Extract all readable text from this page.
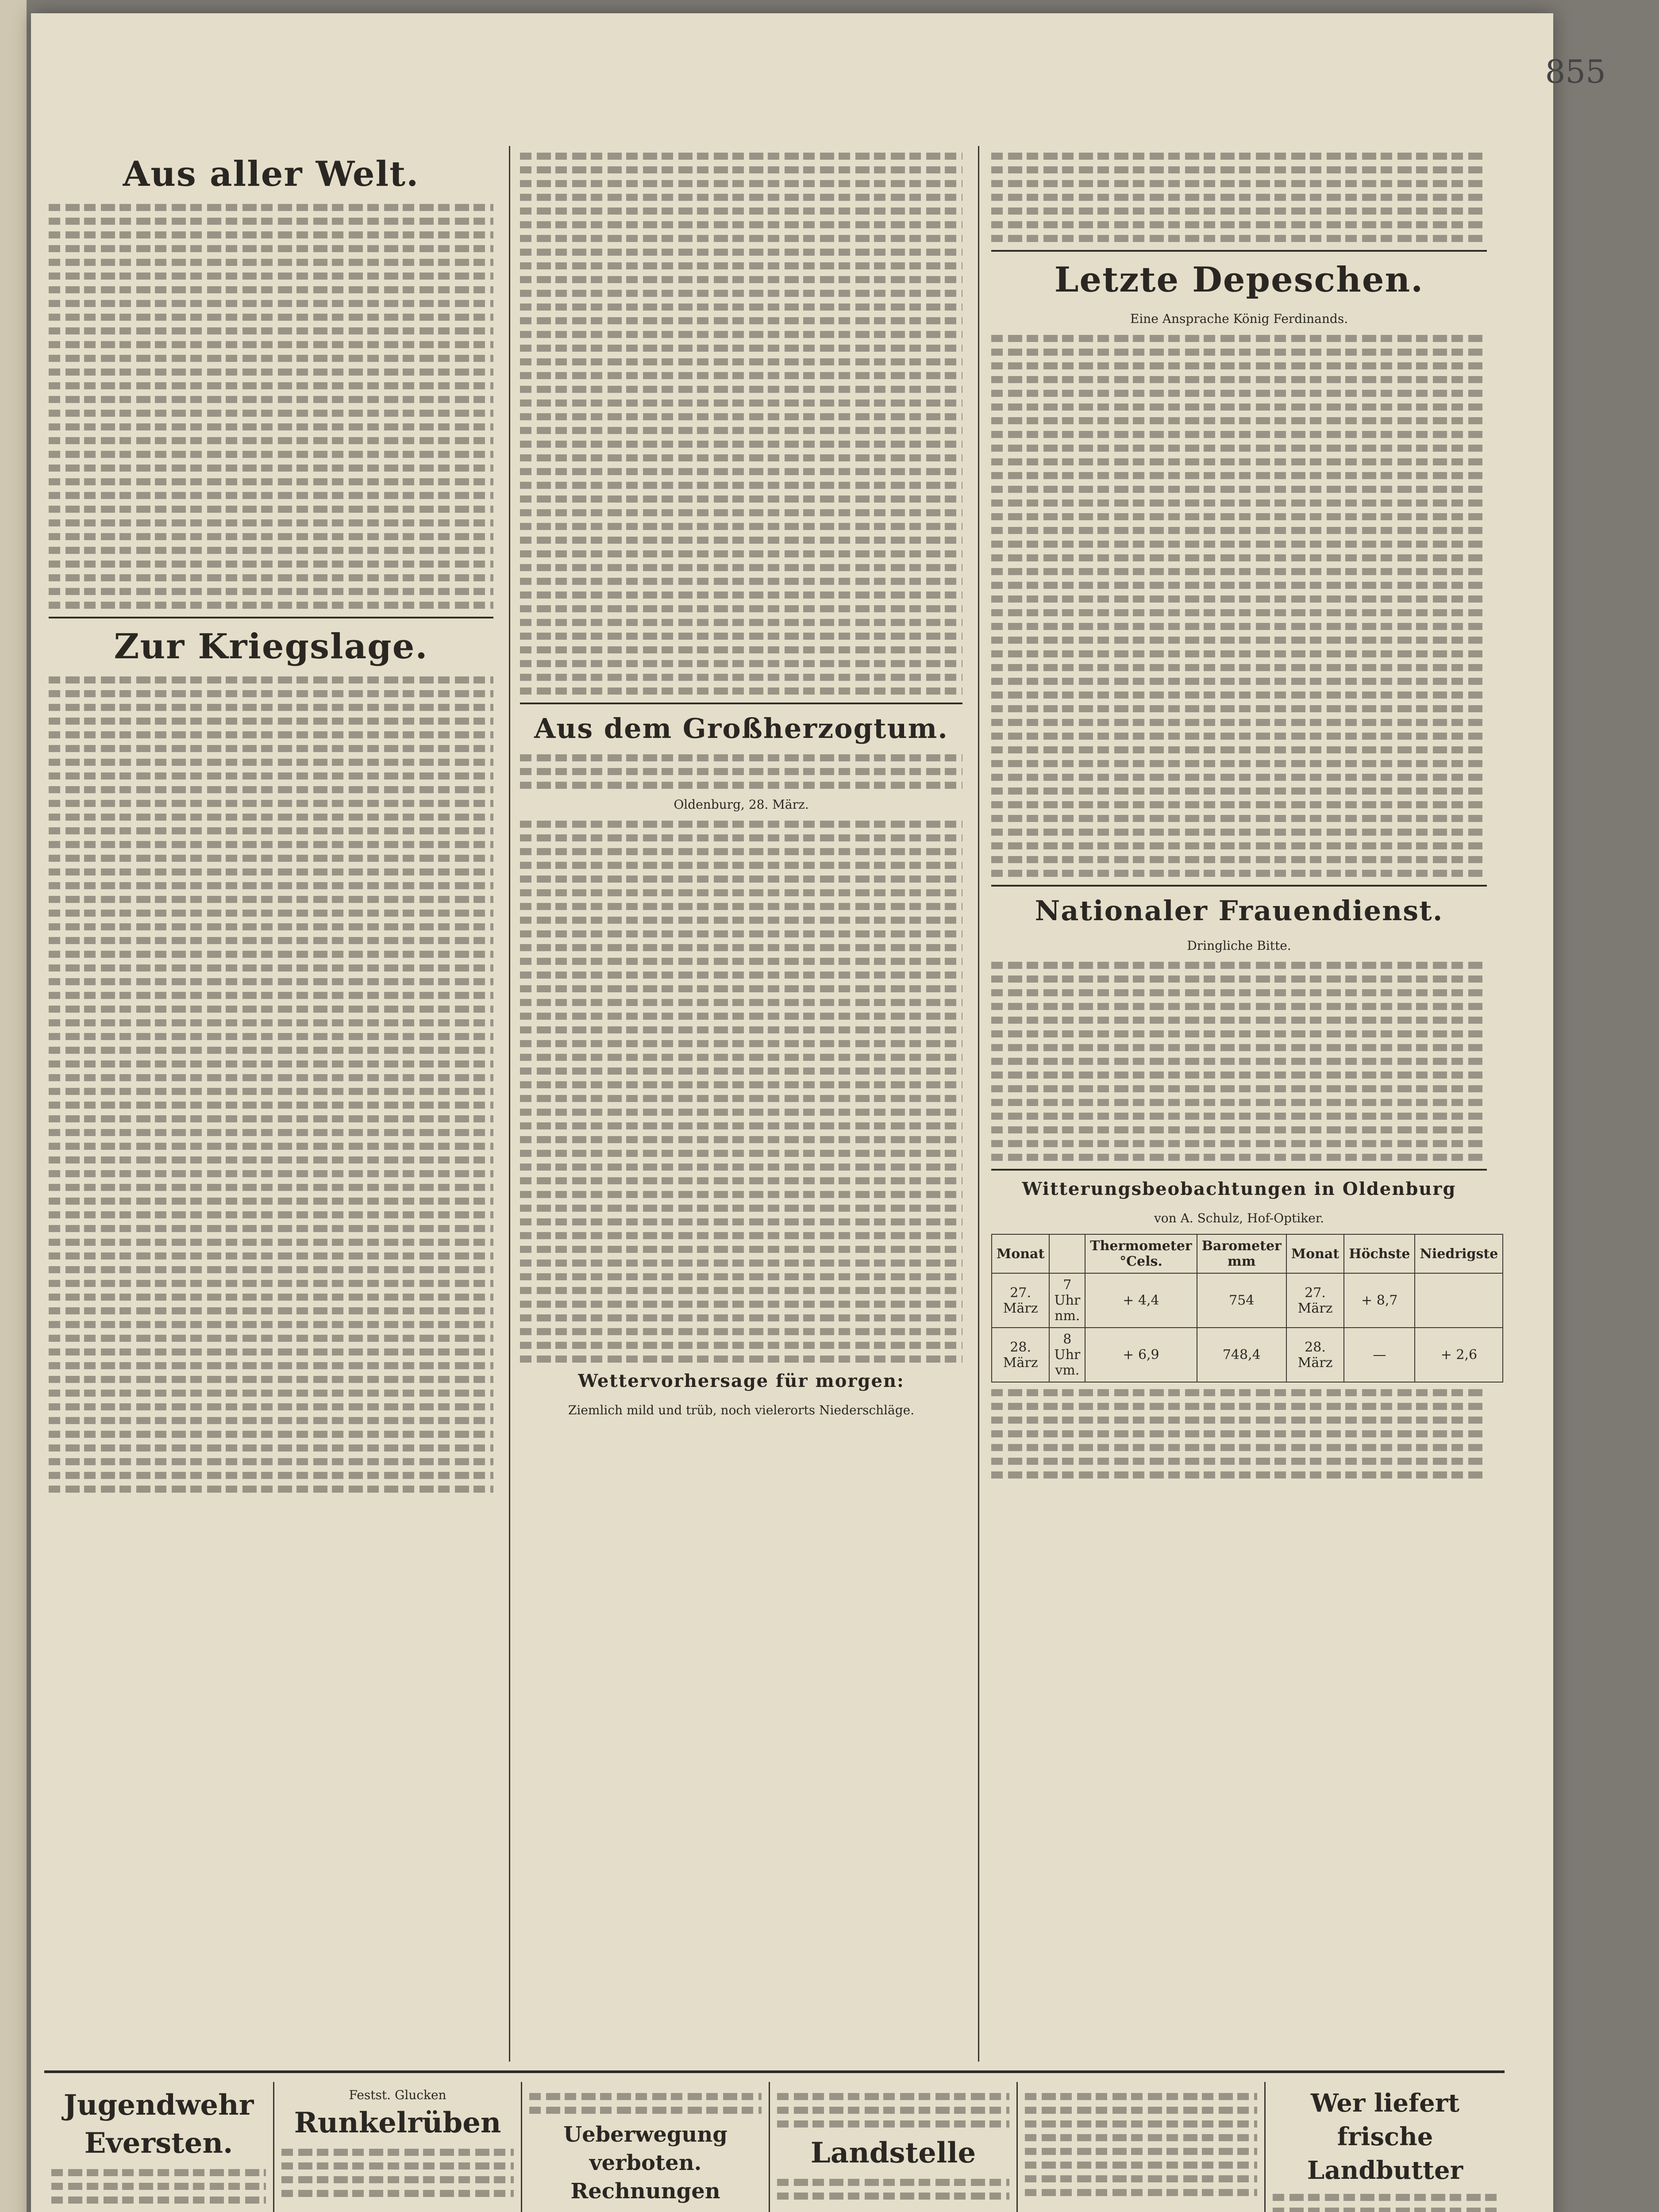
855
Aus aller Welt.
Zur Kriegslage.
Aus dem Großherzogtum.
Oldenburg, 28. März.
Wettervorhersage für morgen:
Ziemlich mild und trüb, noch vielerorts Niederschläge.
Letzte Depeschen.
Eine Ansprache König Ferdinands.
Nationaler Frauendienst.
Dringliche Bitte.
Witterungsbeobachtungen in Oldenburg
von A. Schulz, Hof-Optiker.
Monat		Thermometer °Cels.	Barometer mm	Monat	Höchste	Niedrigste
27. März	7 Uhr nm.	+ 4,4	754	27. März	+ 8,7	
28. März	8 Uhr vm.	+ 6,9	748,4	28. März	—	+ 2,6
Jugendwehr Eversten.
Festst. Glucken
Runkelrüben	Ueberwegung verboten.
Rechnungen
Landstelle
Wer liefert frische Landbutter
